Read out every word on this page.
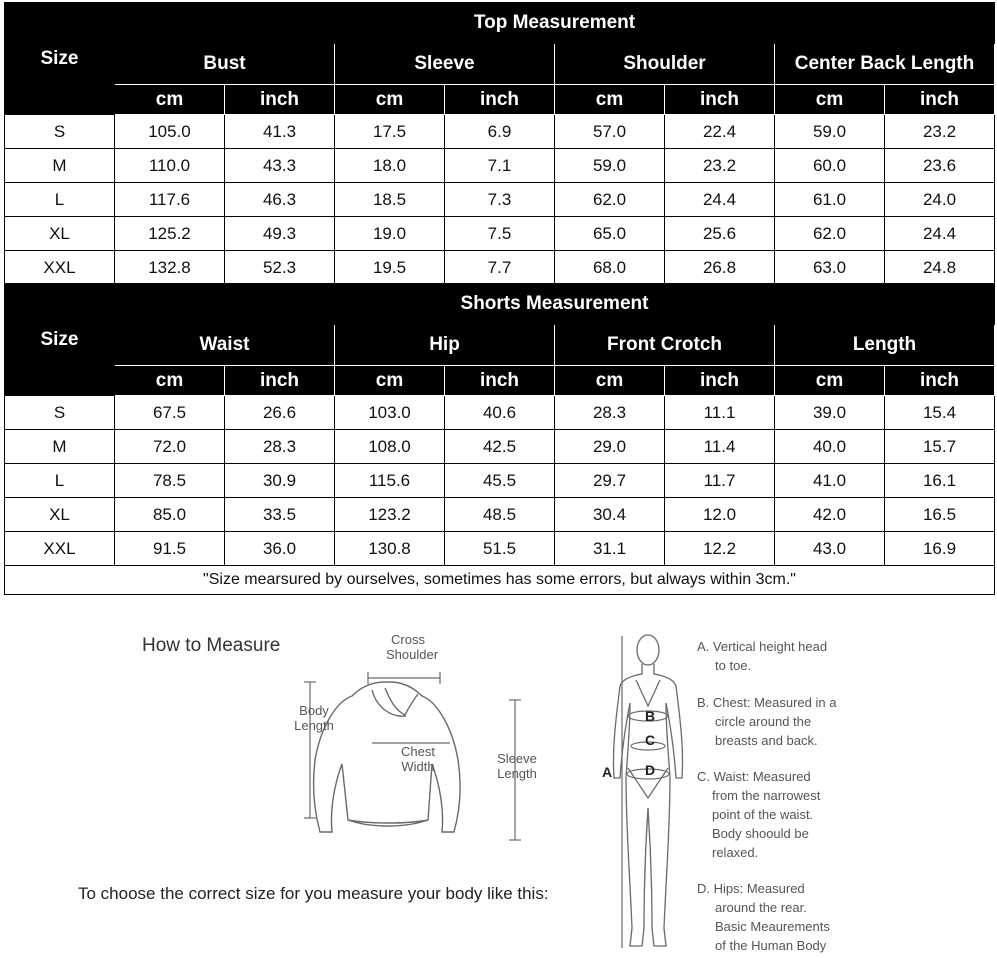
Size	Top Measurement							
	Bust		Sleeve		Shoulder		Center Back Length	
	cm	inch	cm	inch	cm	inch	cm	inch
S	105.0	41.3	17.5	6.9	57.0	22.4	59.0	23.2
M	110.0	43.3	18.0	7.1	59.0	23.2	60.0	23.6
L	117.6	46.3	18.5	7.3	62.0	24.4	61.0	24.0
XL	125.2	49.3	19.0	7.5	65.0	25.6	62.0	24.4
XXL	132.8	52.3	19.5	7.7	68.0	26.8	63.0	24.8
Size	Shorts Measurement							
	Waist		Hip		Front Crotch		Length	
	cm	inch	cm	inch	cm	inch	cm	inch
S	67.5	26.6	103.0	40.6	28.3	11.1	39.0	15.4
M	72.0	28.3	108.0	42.5	29.0	11.4	40.0	15.7
L	78.5	30.9	115.6	45.5	29.7	11.7	41.0	16.1
XL	85.0	33.5	123.2	48.5	30.4	12.0	42.0	16.5
XXL	91.5	36.0	130.8	51.5	31.1	12.2	43.0	16.9
"Size mearsured by ourselves, sometimes has some errors, but always within 3cm."								
How to Measure	Cross
Shoulder
Body
Length
Chest
Width
Sleeve
Length
To choose the correct size for you measure your body like this:
A
B
C
D
A. Vertical height head
to toe.
B. Chest: Measured in a
circle around the
breasts and back.
C. Waist: Measured
from the narrowest
point of the waist.
Body shoould be
relaxed.
D. Hips: Measured
around the rear.
Basic Meaurements
of the Human Body
